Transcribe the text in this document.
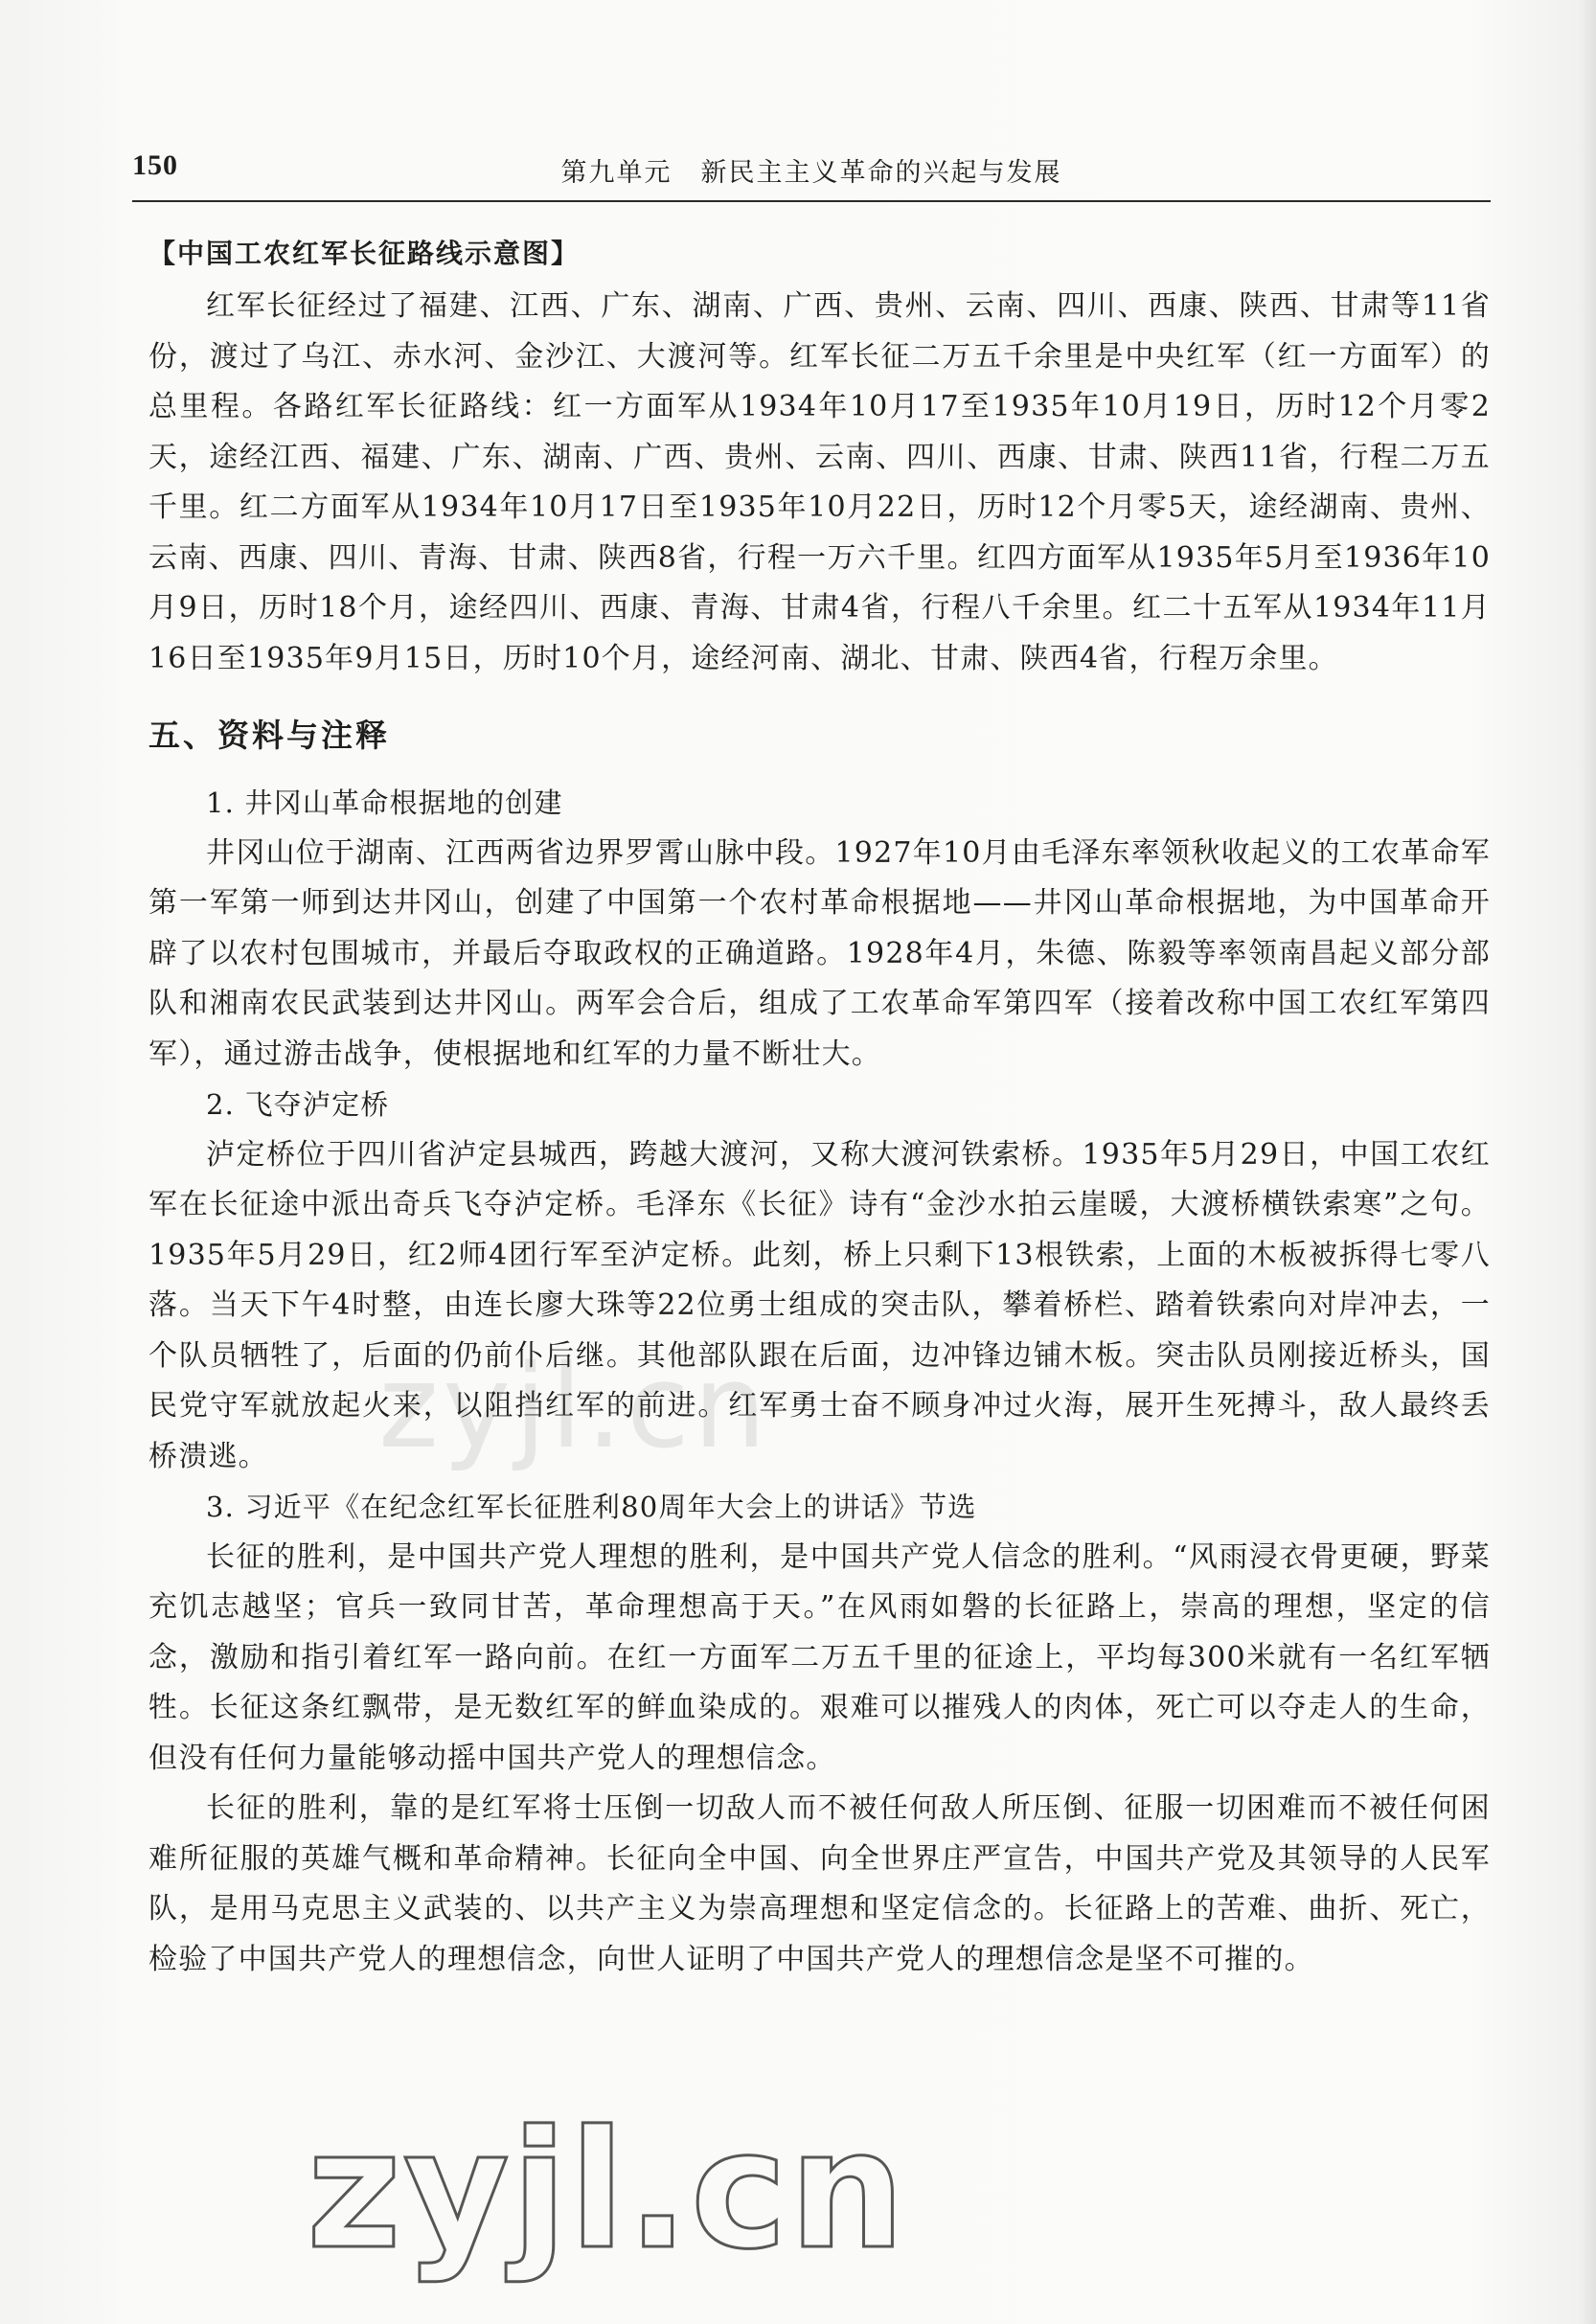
150	第九单元 新民主主义革命的兴起与发展
【中国工农红军长征路线示意图】

红军长征经过了福建、江西、广东、湖南、广西、贵州、云南、四川、西康、陕西、甘肃等11省份，渡过了乌江、赤水河、金沙江、大渡河等。红军长征二万五千余里是中央红军（红一方面军）的总里程。各路红军长征路线：红一方面军从1934年10月17至1935年10月19日，历时12个月零2天，途经江西、福建、广东、湖南、广西、贵州、云南、四川、西康、甘肃、陕西11省，行程二万五千里。红二方面军从1934年10月17日至1935年10月22日，历时12个月零5天，途经湖南、贵州、云南、西康、四川、青海、甘肃、陕西8省，行程一万六千里。红四方面军从1935年5月至1936年10月9日，历时18个月，途经四川、西康、青海、甘肃4省，行程八千余里。红二十五军从1934年11月16日至1935年9月15日，历时10个月，途经河南、湖北、甘肃、陕西4省，行程万余里。

五、资料与注释

1. 井冈山革命根据地的创建

井冈山位于湖南、江西两省边界罗霄山脉中段。1927年10月由毛泽东率领秋收起义的工农革命军第一军第一师到达井冈山，创建了中国第一个农村革命根据地——井冈山革命根据地，为中国革命开辟了以农村包围城市，并最后夺取政权的正确道路。1928年4月，朱德、陈毅等率领南昌起义部分部队和湘南农民武装到达井冈山。两军会合后，组成了工农革命军第四军（接着改称中国工农红军第四军），通过游击战争，使根据地和红军的力量不断壮大。

2. 飞夺泸定桥

泸定桥位于四川省泸定县城西，跨越大渡河，又称大渡河铁索桥。1935年5月29日，中国工农红军在长征途中派出奇兵飞夺泸定桥。毛泽东《长征》诗有“金沙水拍云崖暖，大渡桥横铁索寒”之句。1935年5月29日，红2师4团行军至泸定桥。此刻，桥上只剩下13根铁索，上面的木板被拆得七零八落。当天下午4时整，由连长廖大珠等22位勇士组成的突击队，攀着桥栏、踏着铁索向对岸冲去，一个队员牺牲了，后面的仍前仆后继。其他部队跟在后面，边冲锋边铺木板。突击队员刚接近桥头，国民党守军就放起火来，以阻挡红军的前进。红军勇士奋不顾身冲过火海，展开生死搏斗，敌人最终丢桥溃逃。

3. 习近平《在纪念红军长征胜利80周年大会上的讲话》节选

长征的胜利，是中国共产党人理想的胜利，是中国共产党人信念的胜利。“风雨浸衣骨更硬，野菜充饥志越坚；官兵一致同甘苦，革命理想高于天。”在风雨如磐的长征路上，崇高的理想，坚定的信念，激励和指引着红军一路向前。在红一方面军二万五千里的征途上，平均每300米就有一名红军牺牲。长征这条红飘带，是无数红军的鲜血染成的。艰难可以摧残人的肉体，死亡可以夺走人的生命，但没有任何力量能够动摇中国共产党人的理想信念。

长征的胜利，靠的是红军将士压倒一切敌人而不被任何敌人所压倒、征服一切困难而不被任何困难所征服的英雄气概和革命精神。长征向全中国、向全世界庄严宣告，中国共产党及其领导的人民军队，是用马克思主义武装的、以共产主义为崇高理想和坚定信念的。长征路上的苦难、曲折、死亡，检验了中国共产党人的理想信念，向世人证明了中国共产党人的理想信念是坚不可摧的。

zyjl.cn
zyjl.cn
